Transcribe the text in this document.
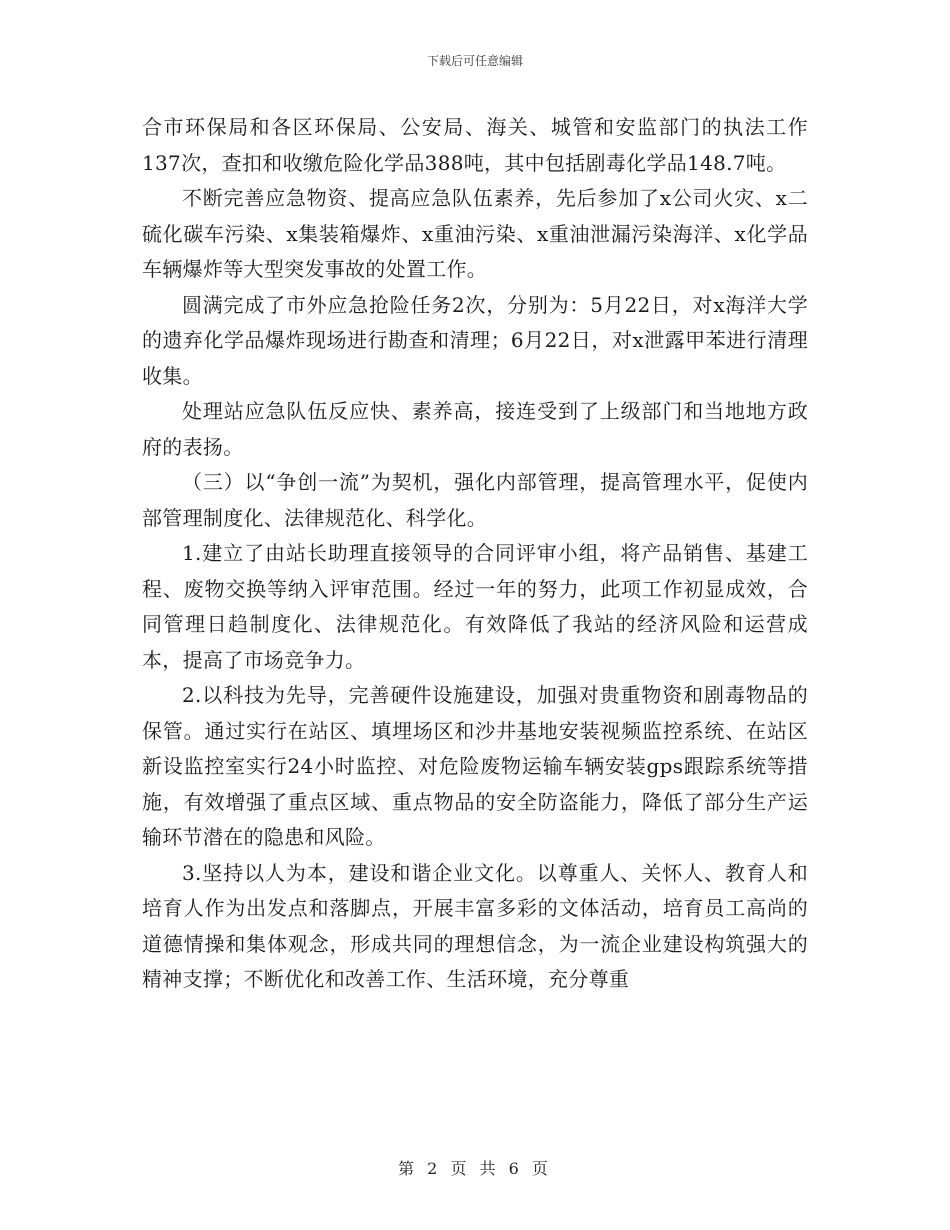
下载后可任意编辑

合市环保局和各区环保局、公安局、海关、城管和安监部门的执法工作137次，查扣和收缴危险化学品388吨，其中包括剧毒化学品148.7吨。

不断完善应急物资、提高应急队伍素养，先后参加了x公司火灾、x二硫化碳车污染、x集装箱爆炸、x重油污染、x重油泄漏污染海洋、x化学品车辆爆炸等大型突发事故的处置工作。

圆满完成了市外应急抢险任务2次，分别为：5月22日，对x海洋大学的遗弃化学品爆炸现场进行勘查和清理；6月22日，对x泄露甲苯进行清理收集。

处理站应急队伍反应快、素养高，接连受到了上级部门和当地地方政府的表扬。

（三）以“争创一流”为契机，强化内部管理，提高管理水平，促使内部管理制度化、法律规范化、科学化。

1.建立了由站长助理直接领导的合同评审小组，将产品销售、基建工程、废物交换等纳入评审范围。经过一年的努力，此项工作初显成效，合同管理日趋制度化、法律规范化。有效降低了我站的经济风险和运营成本，提高了市场竞争力。

2.以科技为先导，完善硬件设施建设，加强对贵重物资和剧毒物品的保管。通过实行在站区、填埋场区和沙井基地安装视频监控系统、在站区新设监控室实行24小时监控、对危险废物运输车辆安装gps跟踪系统等措施，有效增强了重点区域、重点物品的安全防盗能力，降低了部分生产运输环节潜在的隐患和风险。

3.坚持以人为本，建设和谐企业文化。以尊重人、关怀人、教育人和培育人作为出发点和落脚点，开展丰富多彩的文体活动，培育员工高尚的道德情操和集体观念，形成共同的理想信念，为一流企业建设构筑强大的精神支撑；不断优化和改善工作、生活环境，充分尊重

第 2 页 共 6 页
